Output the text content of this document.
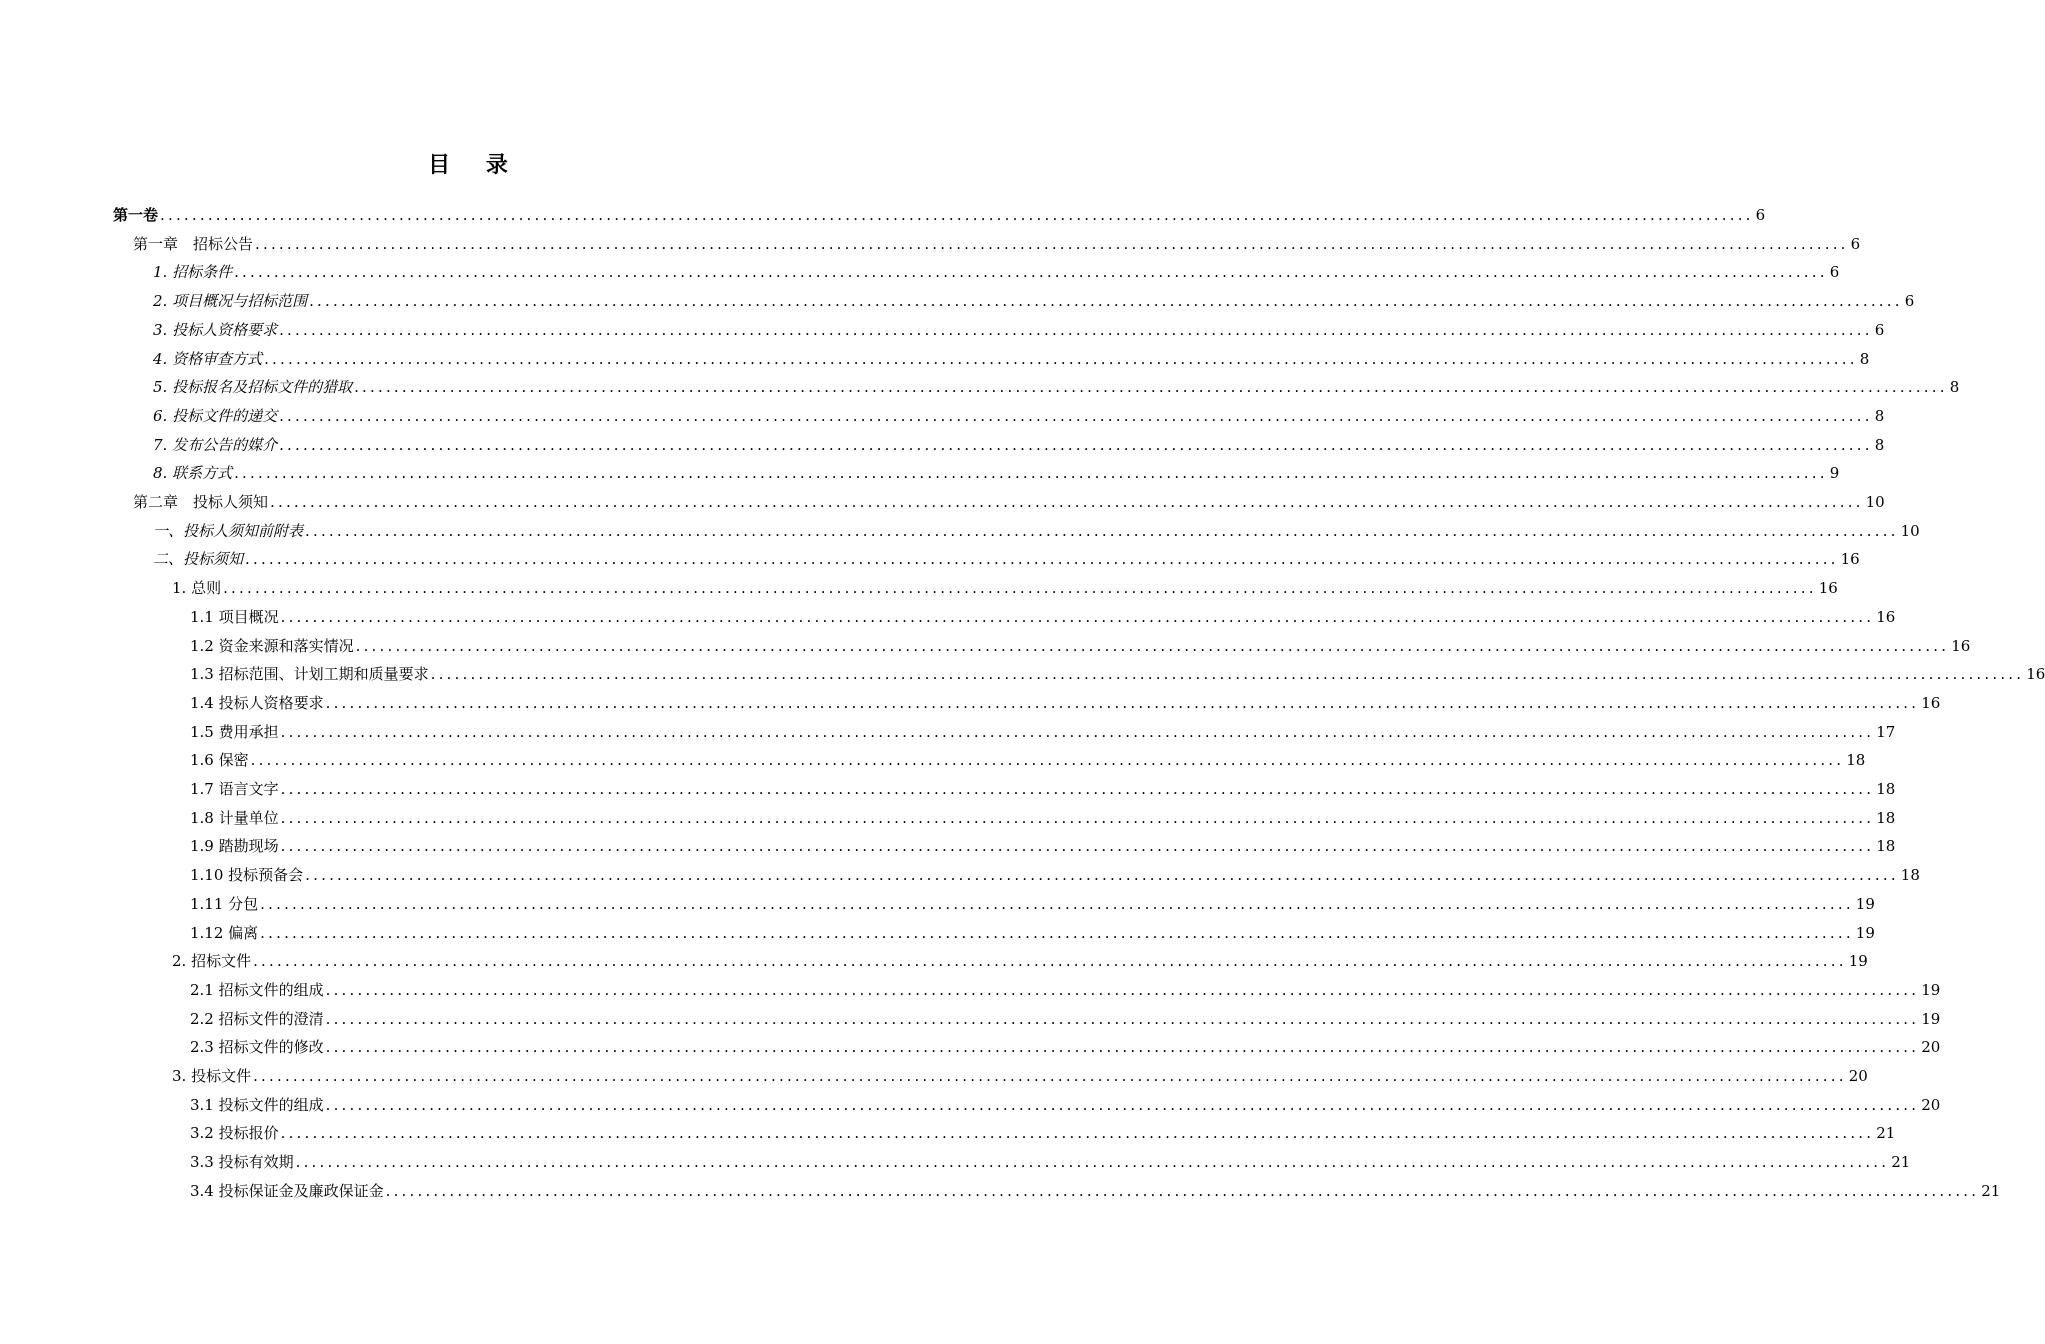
目 录
第一卷 ........................................................................................................................................................................................................ 6
第一章　招标公告 ........................................................................................................................................................................................................ 6
1. 招标条件 ........................................................................................................................................................................................................ 6
2. 项目概况与招标范围 ........................................................................................................................................................................................................ 6
3. 投标人资格要求 ........................................................................................................................................................................................................ 6
4. 资格审查方式 ........................................................................................................................................................................................................ 8
5. 投标报名及招标文件的猎取 ........................................................................................................................................................................................................ 8
6. 投标文件的递交 ........................................................................................................................................................................................................ 8
7. 发布公告的媒介 ........................................................................................................................................................................................................ 8
8. 联系方式 ........................................................................................................................................................................................................ 9
第二章　投标人须知 ........................................................................................................................................................................................................ 10
一、投标人须知前附表 ........................................................................................................................................................................................................ 10
二、投标须知 ........................................................................................................................................................................................................ 16
1. 总则 ........................................................................................................................................................................................................ 16
1.1 项目概况 ........................................................................................................................................................................................................ 16
1.2 资金来源和落实情况 ........................................................................................................................................................................................................ 16
1.3 招标范围、计划工期和质量要求 ........................................................................................................................................................................................................ 16
1.4 投标人资格要求 ........................................................................................................................................................................................................ 16
1.5 费用承担 ........................................................................................................................................................................................................ 17
1.6 保密 ........................................................................................................................................................................................................ 18
1.7 语言文字 ........................................................................................................................................................................................................ 18
1.8 计量单位 ........................................................................................................................................................................................................ 18
1.9 踏勘现场 ........................................................................................................................................................................................................ 18
1.10 投标预备会 ........................................................................................................................................................................................................ 18
1.11 分包 ........................................................................................................................................................................................................ 19
1.12 偏离 ........................................................................................................................................................................................................ 19
2. 招标文件 ........................................................................................................................................................................................................ 19
2.1 招标文件的组成 ........................................................................................................................................................................................................ 19
2.2 招标文件的澄清 ........................................................................................................................................................................................................ 19
2.3 招标文件的修改 ........................................................................................................................................................................................................ 20
3. 投标文件 ........................................................................................................................................................................................................ 20
3.1 投标文件的组成 ........................................................................................................................................................................................................ 20
3.2 投标报价 ........................................................................................................................................................................................................ 21
3.3 投标有效期 ........................................................................................................................................................................................................ 21
3.4 投标保证金及廉政保证金 ........................................................................................................................................................................................................ 21
